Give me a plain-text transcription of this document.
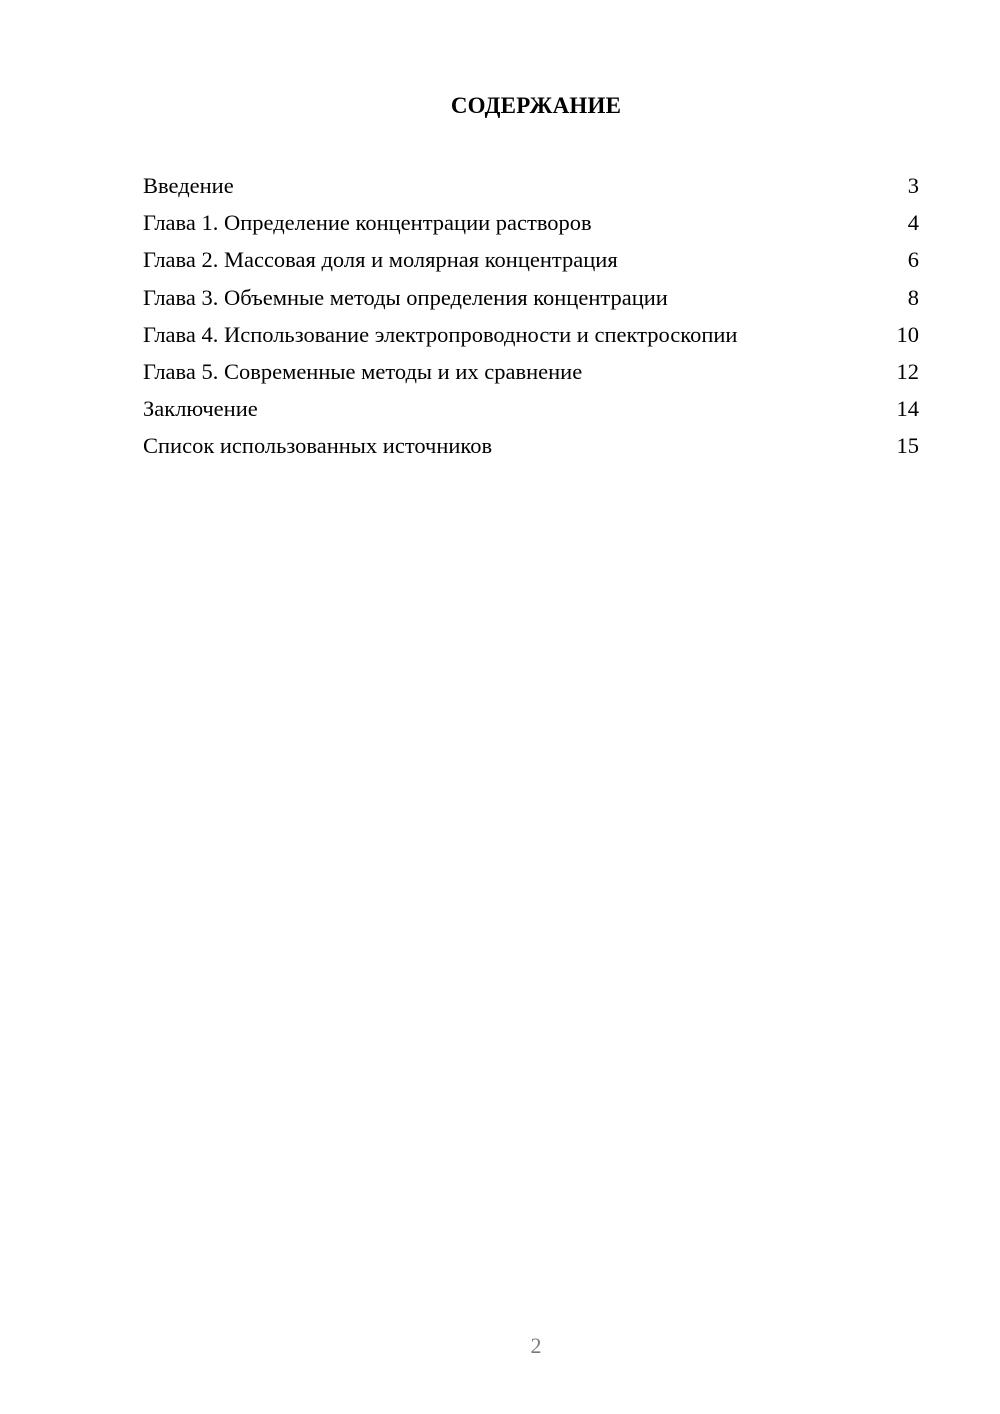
СОДЕРЖАНИЕ
Введение	3
Глава 1. Определение концентрации растворов	4
Глава 2. Массовая доля и молярная концентрация	6
Глава 3. Объемные методы определения концентрации	8
Глава 4. Использование электропроводности и спектроскопии	10
Глава 5. Современные методы и их сравнение	12
Заключение	14
Список использованных источников	15

2
